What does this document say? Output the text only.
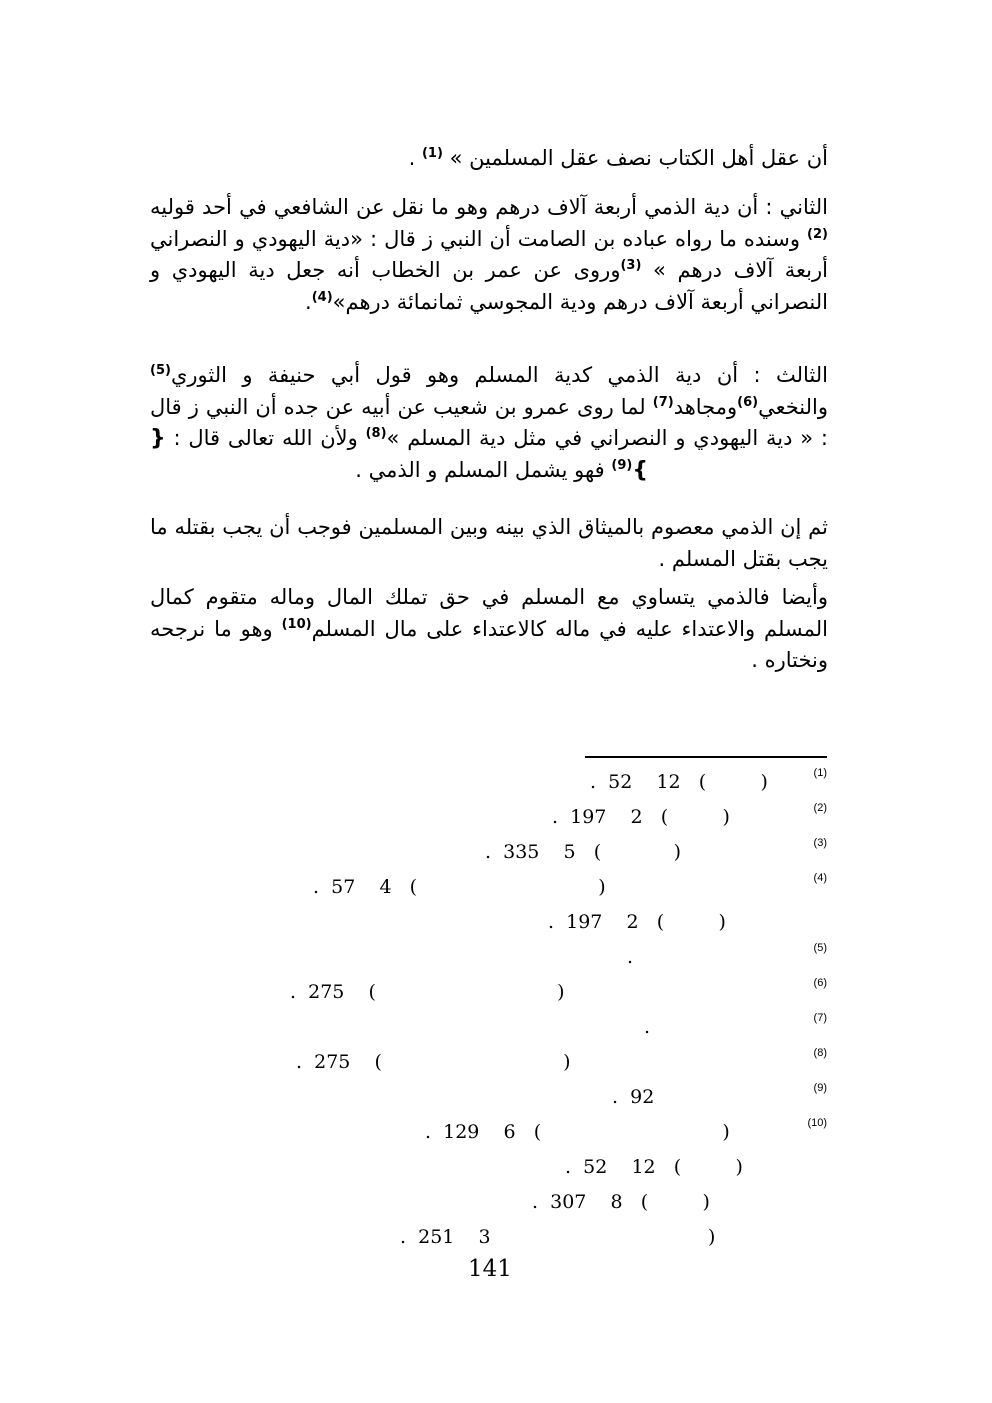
أن عقل أهل الكتاب نصف عقل المسلمين » $^{(1)}$ .

الثاني : أن دية الذمي أربعة آلاف درهم وهو ما نقل عن الشافعي في أحد قوليه $^{(2)}$ وسنده ما رواه عباده بن الصامت أن النبي ز قال : «دية اليهودي و النصراني أربعة آلاف درهم » $^{(3)}$وروى عن عمر بن الخطاب أنه جعل دية اليهودي و النصراني أربعة آلاف درهم ودية المجوسي ثمانمائة درهم»$^{(4)}$.

الثالث : أن دية الذمي كدية المسلم وهو قول أبي حنيفة و الثوري$^{(5)}$ والنخعي$^{(6)}$ومجاهد$^{(7)}$ لما روى عمرو بن شعيب عن أبيه عن جده أن النبي ز قال : « دية اليهودي و النصراني في مثل دية المسلم »$^{(8)}$ ولأن الله تعالى قال : {}$^{(9)}$ فهو يشمل المسلم و الذمي .

ثم إن الذمي معصوم بالميثاق الذي بينه وبين المسلمين فوجب أن يجب بقتله ما يجب بقتل المسلم .

وأيضا فالذمي يتساوي مع المسلم في حق تملك المال وماله متقوم كمال المسلم والاعتداء عليه في ماله كالاعتداء على مال المسلم$^{(10)}$ وهو ما نرجحه ونختاره .

(1)
.  52    12   (         )
(2)
.  197    2   (         )
(3)
.  335    5   (            )
(4)
.  57    4   (                              )
.  197    2   (         )
(5)
.
(6)
.  275    (                              )
(7)
.
(8)
.  275    (                              )
(9)
.  92
(10)
.  129    6   (                              )
.  52    12   (         )
.  307    8   (         )
.  251    3                                    )
141
